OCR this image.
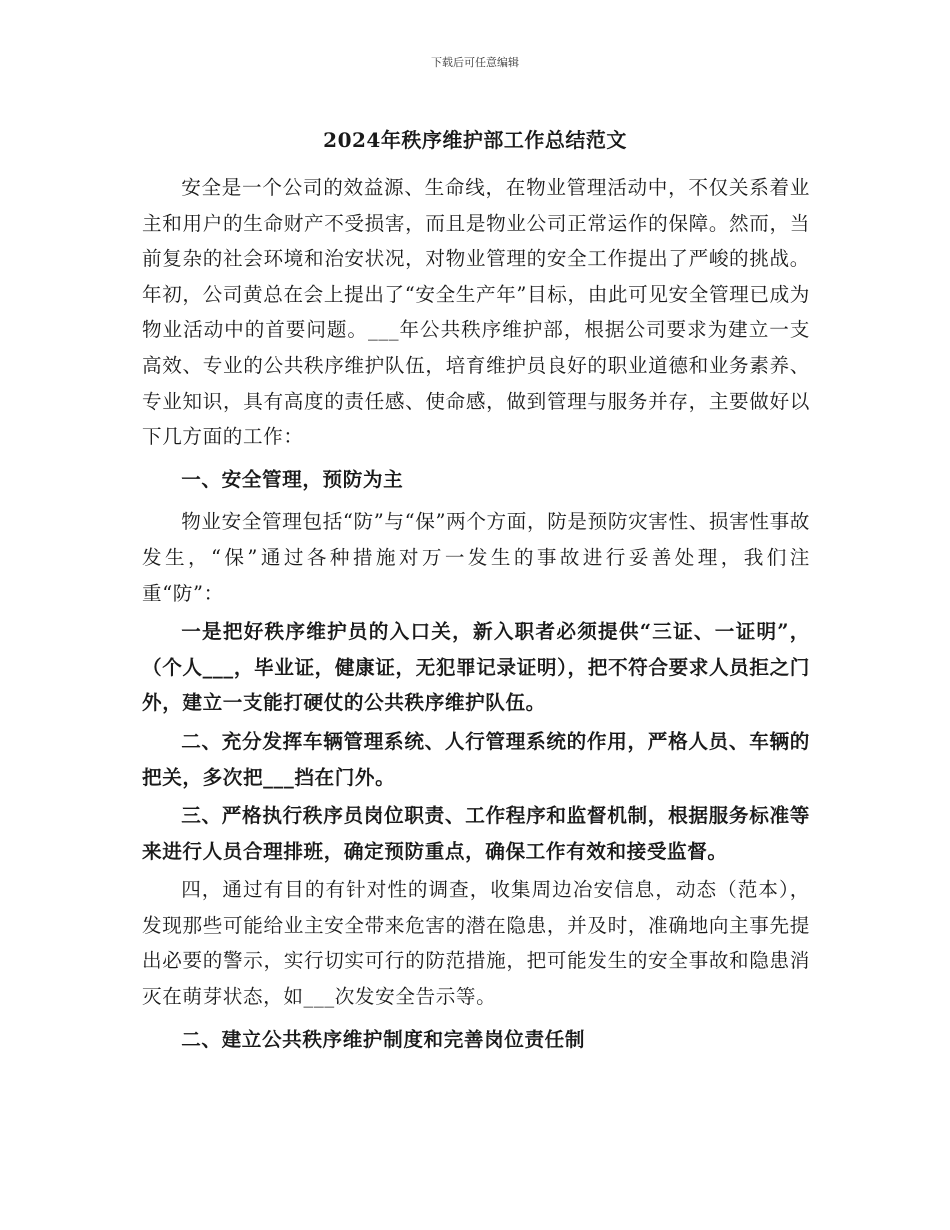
下载后可任意编辑
2024年秩序维护部工作总结范文

安全是一个公司的效益源、生命线，在物业管理活动中，不仅关系着业主和用户的生命财产不受损害，而且是物业公司正常运作的保障。然而，当前复杂的社会环境和治安状况，对物业管理的安全工作提出了严峻的挑战。年初，公司黄总在会上提出了“安全生产年”目标，由此可见安全管理已成为物业活动中的首要问题。___年公共秩序维护部，根据公司要求为建立一支高效、专业的公共秩序维护队伍，培育维护员良好的职业道德和业务素养、专业知识，具有高度的责任感、使命感，做到管理与服务并存，主要做好以下几方面的工作：

一、安全管理，预防为主

物业安全管理包括“防”与“保”两个方面，防是预防灾害性、损害性事故发生，“保”通过各种措施对万一发生的事故进行妥善处理，我们注重“防”：

一是把好秩序维护员的入口关，新入职者必须提供“三证、一证明”，（个人___，毕业证，健康证，无犯罪记录证明），把不符合要求人员拒之门外，建立一支能打硬仗的公共秩序维护队伍。

二、充分发挥车辆管理系统、人行管理系统的作用，严格人员、车辆的把关，多次把___挡在门外。

三、严格执行秩序员岗位职责、工作程序和监督机制，根据服务标准等来进行人员合理排班，确定预防重点，确保工作有效和接受监督。

四，通过有目的有针对性的调查，收集周边冶安信息，动态（范本），发现那些可能给业主安全带来危害的潜在隐患，并及时，准确地向主事先提出必要的警示，实行切实可行的防范措施，把可能发生的安全事故和隐患消灭在萌芽状态，如___次发安全告示等。

二、建立公共秩序维护制度和完善岗位责任制
